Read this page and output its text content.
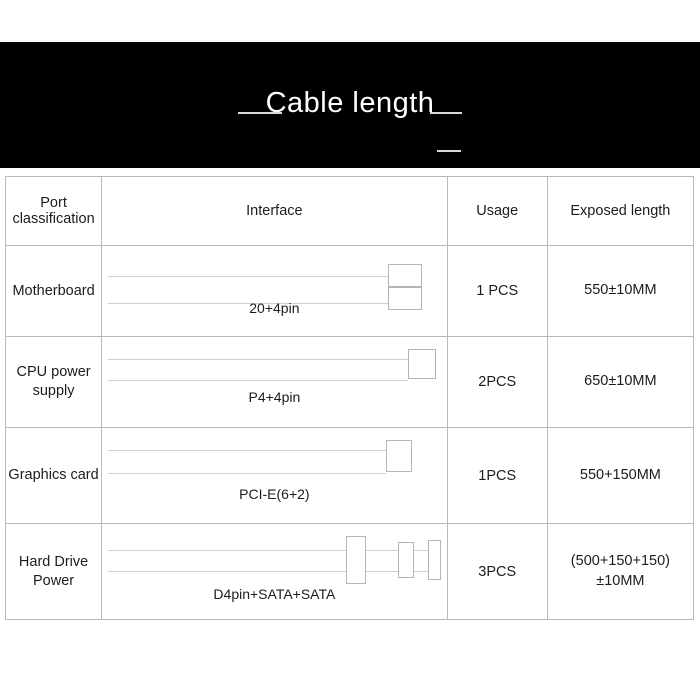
Cable length
Port classification	Interface	Usage	Exposed length
Motherboard	20+4pin	1 PCS	550±10MM
CPU power supply	P4+4pin	2PCS	650±10MM
Graphics card	PCI-E(6+2)	1PCS	550+150MM
Hard Drive Power	D4pin+SATA+SATA	3PCS	(500+150+150)±10MM
